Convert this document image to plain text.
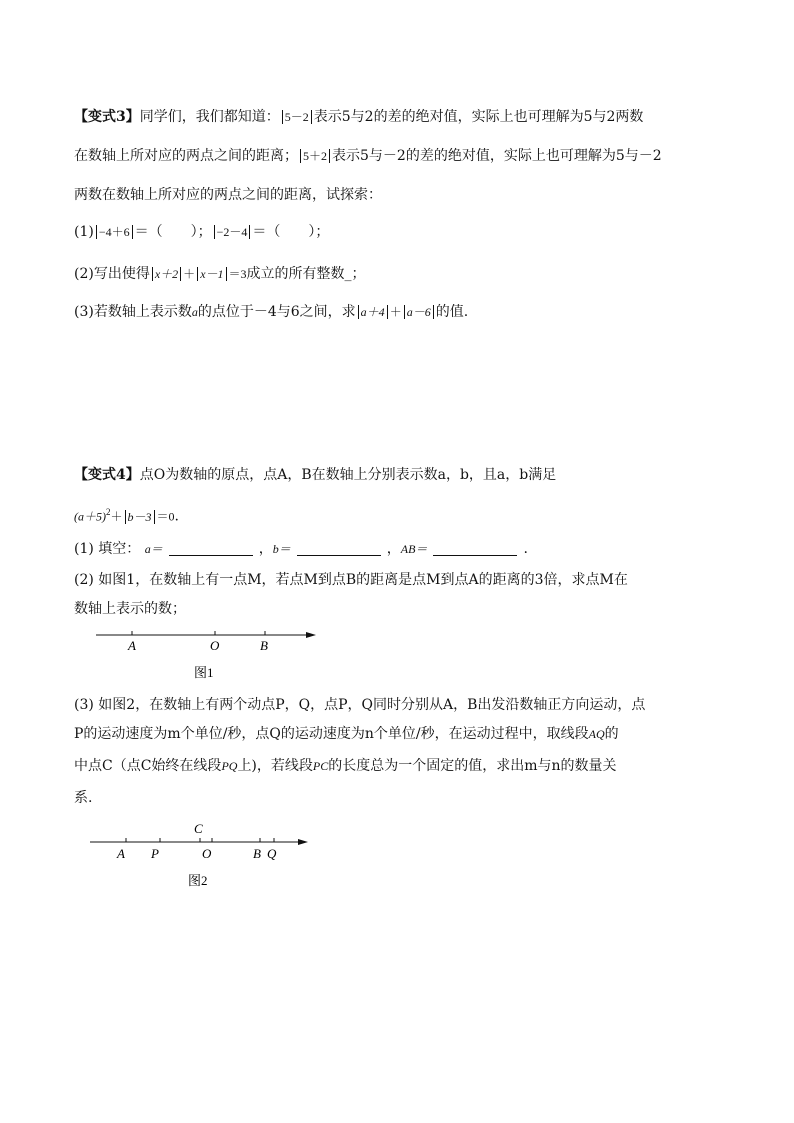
【变式3】同学们，我们都知道： 5－2 表示5与2的差的绝对值，实际上也可理解为5与2两数
在数轴上所对应的两点之间的距离； 5＋2 表示5与－2的差的绝对值，实际上也可理解为5与－2
两数在数轴上所对应的两点之间的距离，试探索：
(1) −4＋6 ＝（　　）； −2－4 ＝（　　）；
(2)写出使得 x＋2 ＋ x－1 ＝3成立的所有整数_；
(3)若数轴上表示数a的点位于－4与6之间，求 a＋4 ＋ a－6 的值.
【变式4】点O为数轴的原点，点A，B在数轴上分别表示数a，b，且a，b满足
$(a+5)^2+ b-3 =0$.
(1) 填空： a＝	，b＝	，AB＝	.
(2) 如图1，在数轴上有一点M，若点M到点B的距离是点M到点A的距离的3倍，求点M在
数轴上表示的数；
A	O	B
图1
(3) 如图2，在数轴上有两个动点P，Q，点P，Q同时分别从A，B出发沿数轴正方向运动，点
P的运动速度为m个单位/秒，点Q的运动速度为n个单位/秒，在运动过程中，取线段AQ的
中点C（点C始终在线段PQ上)，若线段PC的长度总为一个固定的值，求出m与n的数量关
系.
C
A P	O	B Q
图2
